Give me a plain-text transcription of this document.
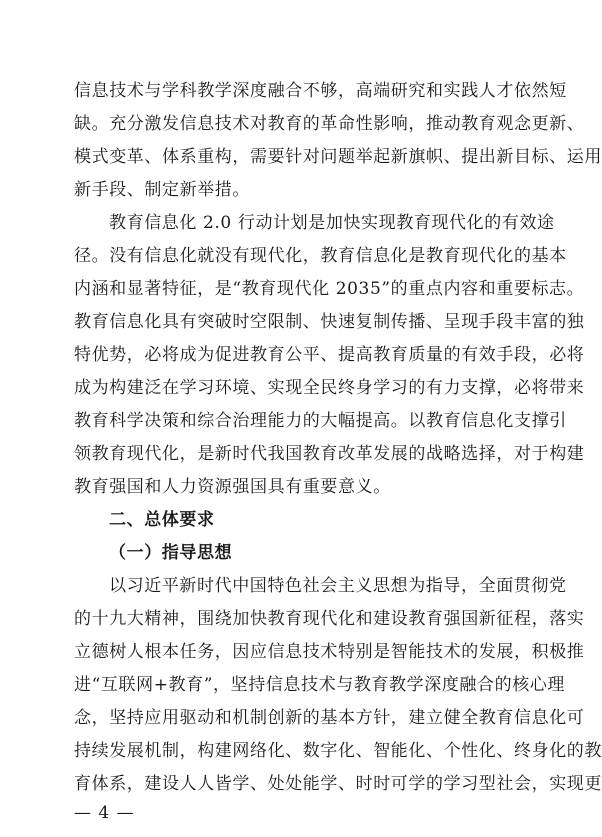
信息技术与学科教学深度融合不够，高端研究和实践人才依然短
缺。充分激发信息技术对教育的革命性影响，推动教育观念更新、
模式变革、体系重构，需要针对问题举起新旗帜、提出新目标、运用
新手段、制定新举措。
教育信息化 2.0 行动计划是加快实现教育现代化的有效途
径。没有信息化就没有现代化，教育信息化是教育现代化的基本
内涵和显著特征，是“教育现代化 2035”的重点内容和重要标志。
教育信息化具有突破时空限制、快速复制传播、呈现手段丰富的独
特优势，必将成为促进教育公平、提高教育质量的有效手段，必将
成为构建泛在学习环境、实现全民终身学习的有力支撑，必将带来
教育科学决策和综合治理能力的大幅提高。以教育信息化支撑引
领教育现代化，是新时代我国教育改革发展的战略选择，对于构建
教育强国和人力资源强国具有重要意义。
二、总体要求
（一）指导思想
以习近平新时代中国特色社会主义思想为指导，全面贯彻党
的十九大精神，围绕加快教育现代化和建设教育强国新征程，落实
立德树人根本任务，因应信息技术特别是智能技术的发展，积极推
进“互联网+教育”，坚持信息技术与教育教学深度融合的核心理
念，坚持应用驱动和机制创新的基本方针，建立健全教育信息化可
持续发展机制，构建网络化、数字化、智能化、个性化、终身化的教
育体系，建设人人皆学、处处能学、时时可学的学习型社会，实现更
— 4 —
